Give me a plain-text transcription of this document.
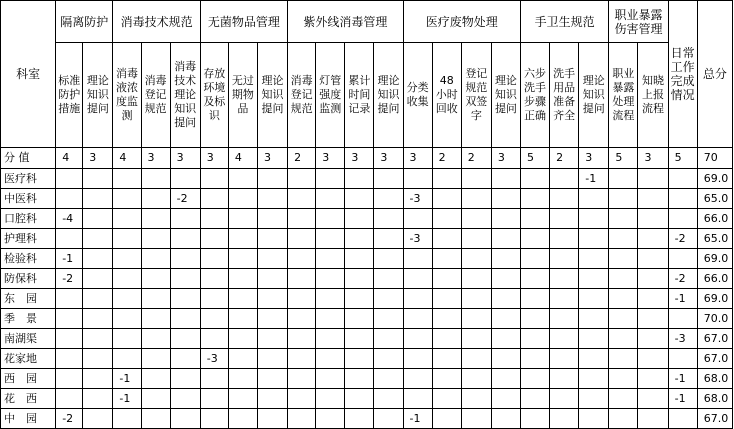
科室	隔离防护		消毒技术规范			无菌物品管理			紫外线消毒管理				医疗废物处理				手卫生规范			职业暴露伤害管理		日常工作完成情况	总分
	标准防护措施	理论知识提问	消毒液浓度监测	消毒登记规范	消毒技术理论知识提问	存放环境及标识	无过期物品	理论知识提问	消毒登记规范	灯管强度监测	累计时间记录	理论知识提问	分类收集	48小时回收	登记规范双签字	理论知识提问	六步洗手步骤正确	洗手用品准备齐全	理论知识提问	职业暴露处理流程	知晓上报流程		
分 值	4	3	4	3	3	3	4	3	2	3	3	3	3	2	2	3	5	2	3	5	3	5	70
医疗科																			-1				69.0
中医科					-2								-3										65.0
口腔科	-4																						66.0
护理科													-3									-2	65.0
检验科	-1																						69.0
防保科	-2																					-2	66.0
东　园																						-1	69.0
季　景																							70.0
南湖渠																						-3	67.0
花家地						-3																	67.0
西　园			-1																			-1	68.0
花　西			-1																			-1	68.0
中　园	-2												-1										67.0
